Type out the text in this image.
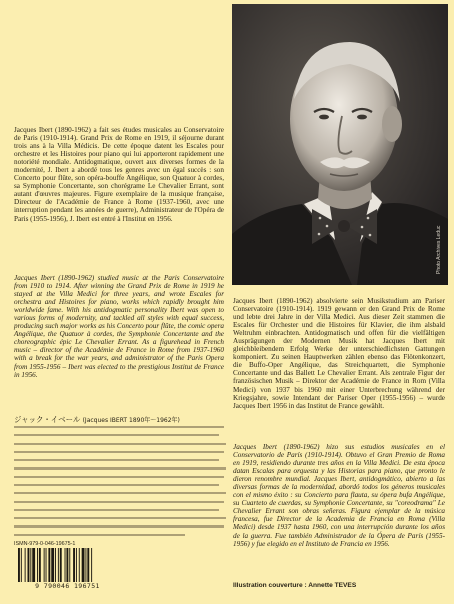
Photo Archives Leduc

Jacques Ibert (1890-1962) a fait ses études musicales au Conservatoire de Paris (1910-1914). Grand Prix de Rome en 1919, il séjourne durant trois ans à la Villa Médicis. De cette époque datent les Escales pour orchestre et les Histoires pour piano qui lui apporteront rapidement une notoriété mondiale. Antidogmatique, ouvert aux diverses formes de la modernité, J. Ibert a abordé tous les genres avec un égal succès : son Concerto pour flûte, son opéra-bouffe Angélique, son Quatuor à cordes, sa Symphonie Concertante, son chorégrame Le Chevalier Errant, sont autant d'œuvres majeures. Figure exemplaire de la musique française, Directeur de l'Académie de France à Rome (1937-1960, avec une interruption pendant les années de guerre), Administrateur de l'Opéra de Paris (1955-1956), J. Ibert est entré à l'Institut en 1956.

Jacques Ibert (1890-1962) studied music at the Paris Conservatoire from 1910 to 1914. After winning the Grand Prix de Rome in 1919 he stayed at the Villa Medici for three years, and wrote Escales for orchestra and Histoires for piano, works which rapidly brought him worldwide fame. With his antidogmatic personality Ibert was open to various forms of modernity, and tackled all styles with equal success, producing such major works as his Concerto pour flûte, the comic opera Angélique, the Quatuor à cordes, the Symphonie Concertante and the choreographic épic Le Chevalier Errant. As a figurehead in French music – director of the Académie de France in Rome from 1937-1960 with a break for the war years, and administrator of the Paris Opera from 1955-1956 – Ibert was elected to the prestigious Institut de France in 1956.

ジャック・イベール (Jacques IBERT 1890年〜1962年)

Jacques Ibert (1890-1962) absolvierte sein Musikstudium am Pariser Conservatoire (1910-1914). 1919 gewann er den Grand Prix de Rome und lebte drei Jahre in der Villa Medici. Aus dieser Zeit stammen die Escales für Orchester und die Histoires für Klavier, die ihm alsbald Weltruhm einbrachten. Antidogmatisch und offen für die vielfältigen Ausprägungen der Modernen Musik hat Jacques Ibert mit gleichbleibendem Erfolg Werke der unterschiedlichsten Gattungen komponiert. Zu seinen Hauptwerken zählen ebenso das Flötenkonzert, die Buffo-Oper Angélique, das Streichquartett, die Symphonie Concertante und das Ballett Le Chevalier Errant. Als zentrale Figur der französischen Musik – Direktor der Académie de France in Rom (Villa Medici) von 1937 bis 1960 mit einer Unterbrechung während der Kriegsjahre, sowie Intendant der Pariser Oper (1955-1956) – wurde Jacques Ibert 1956 in das Institut de France gewählt.

Jacques Ibert (1890-1962) hizo sus estudios musicales en el Conservatorio de París (1910-1914). Obtuvo el Gran Premio de Roma en 1919, residiendo durante tres años en la Villa Medici. De esta época datan Escalas para orquesta y las Historias para piano, que pronto le dieron renombre mundial. Jacques Ibert, antidogmático, abierto a las diversas formas de la modernidad, abordó todos los géneros musicales con el mismo éxito : su Concierto para flauta, su ópera bufa Angélique, su Cuarteto de cuerdas, su Symphonie Concertante, su "coreodrama" Le Chevalier Errant son obras señeras. Figura ejemplar de la música francesa, fue Director de la Academia de Francia en Roma (Villa Medici) desde 1937 hasta 1960, con una interrupción durante los años de la guerra. Fue también Administrador de la Ópera de París (1955-1956) y fue elegido en el Instituto de Francia en 1956.

ISMN-979-0-046-19675-1
9 790046 196751	Illustration couverture : Annette TEVES
